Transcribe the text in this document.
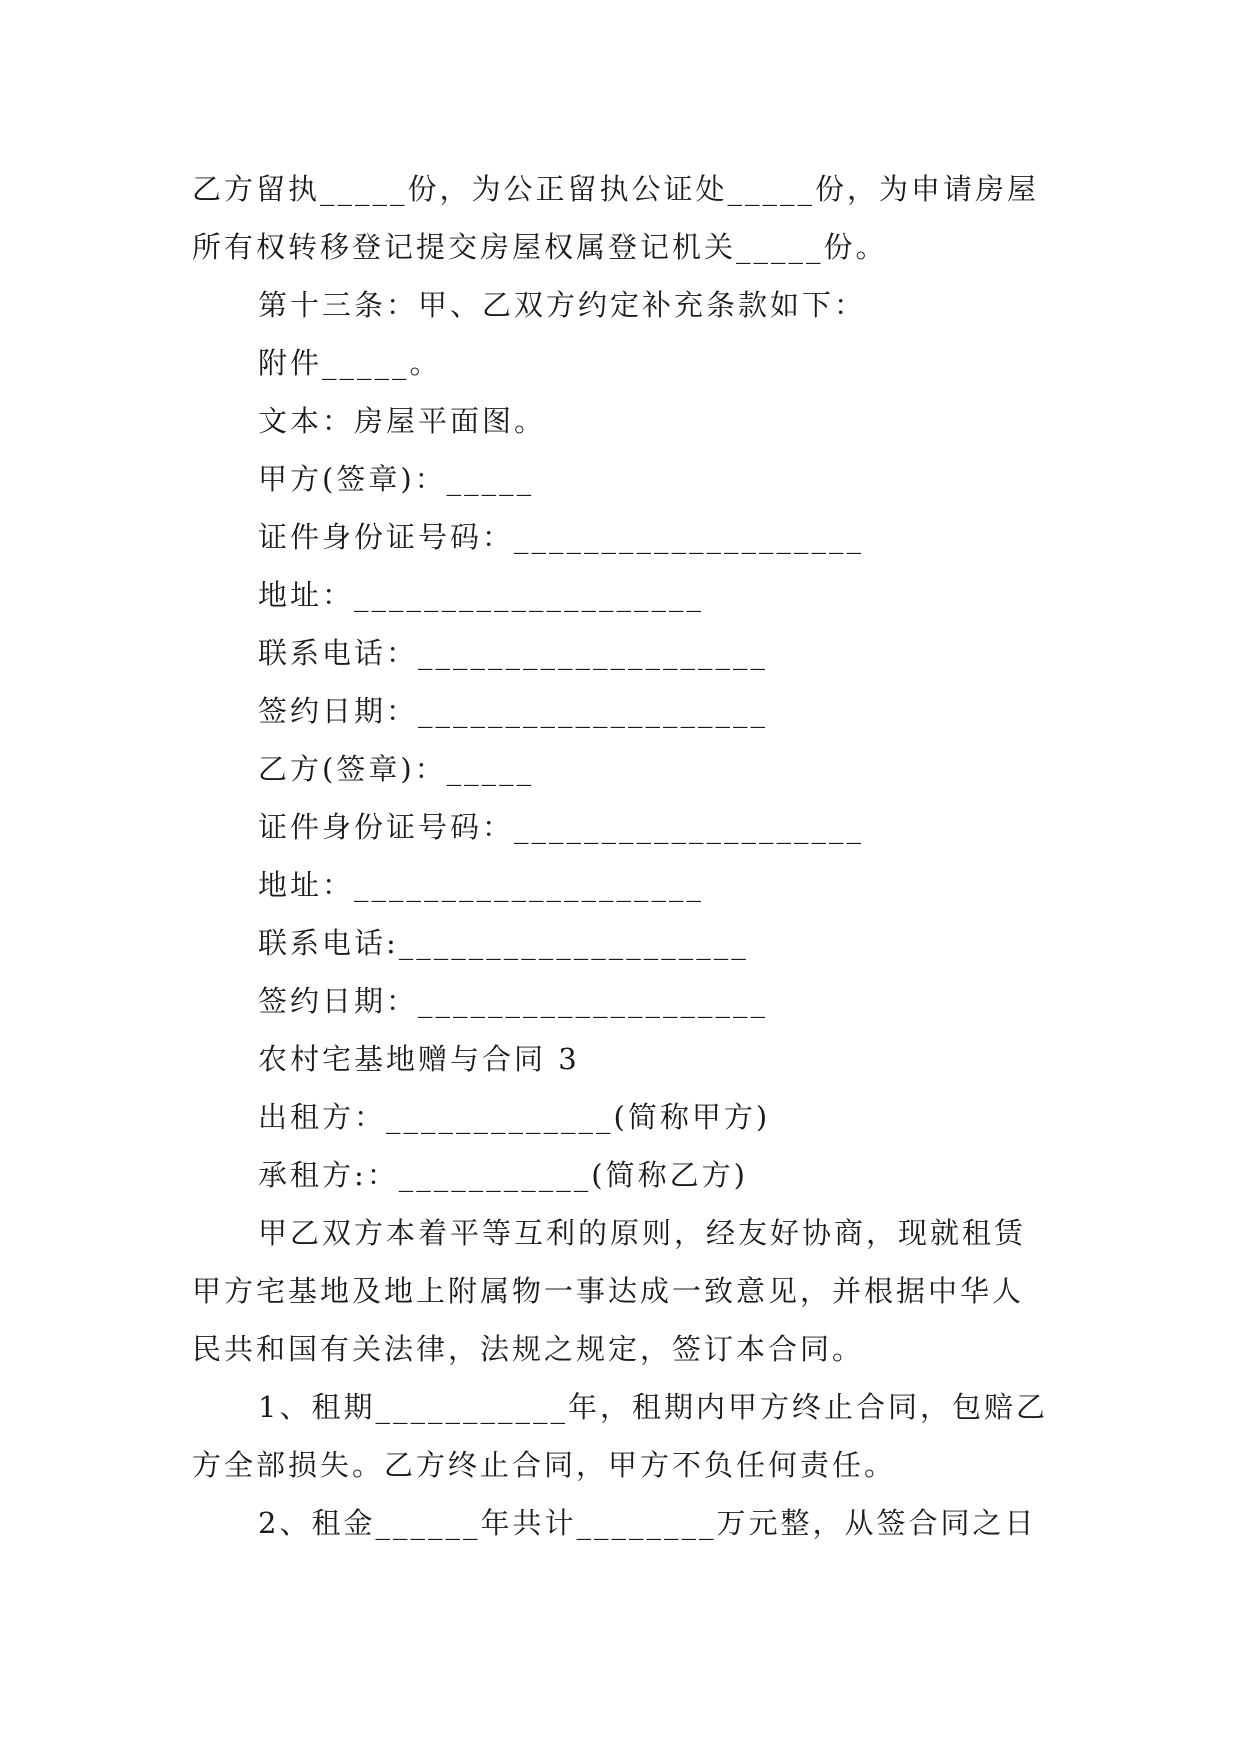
乙方留执_____份，为公正留执公证处_____份，为申请房屋
所有权转移登记提交房屋权属登记机关_____份。
第十三条：甲、乙双方约定补充条款如下：
附件_____。
文本：房屋平面图。
甲方(签章)：_____
证件身份证号码：____________________
地址：____________________
联系电话：____________________
签约日期：____________________
乙方(签章)：_____
证件身份证号码：____________________
地址：____________________
联系电话:____________________
签约日期：____________________
农村宅基地赠与合同 3
出租方：_____________(简称甲方)
承租方:：___________(简称乙方)
甲乙双方本着平等互利的原则，经友好协商，现就租赁
甲方宅基地及地上附属物一事达成一致意见，并根据中华人
民共和国有关法律，法规之规定，签订本合同。
1、租期___________年，租期内甲方终止合同，包赔乙
方全部损失。乙方终止合同，甲方不负任何责任。
2、租金______年共计________万元整，从签合同之日
